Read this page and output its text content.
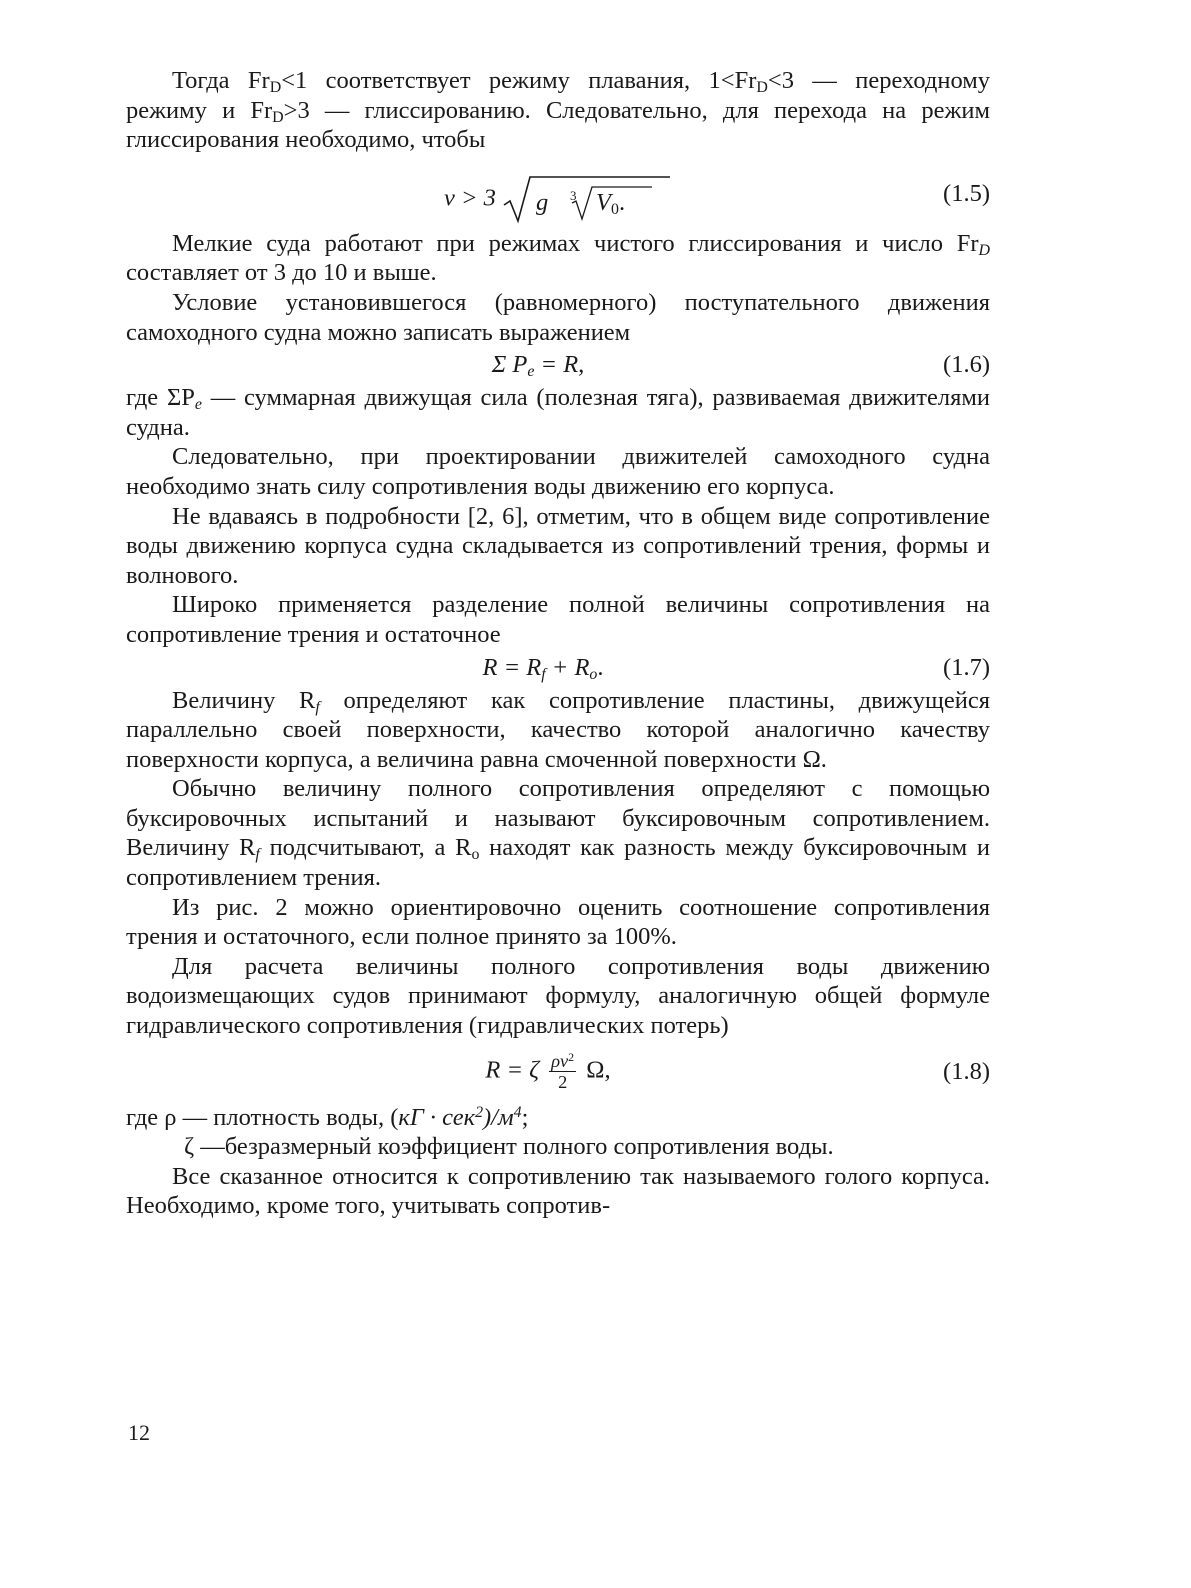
Тогда $Fr_D<1$ соответствует режиму плавания, $1<Fr_D<3$ — переходному режиму и $Fr_D>3$ — глиссированию. Следовательно, для перехода на режим глиссирования необходимо, чтобы

v > 3 g 3 $V_0$.	(1.5)

Мелкие суда работают при режимах чистого глиссирования и число $Fr_D$ составляет от 3 до 10 и выше.

Условие установившегося (равномерного) поступательного движения самоходного судна можно записать выражением

Σ $P_e = R$,	(1.6)

где $\Sigma P_e$ — суммарная движущая сила (полезная тяга), развиваемая движителями судна.

Следовательно, при проектировании движителей самоходного судна необходимо знать силу сопротивления воды движению его корпуса.

Не вдаваясь в подробности [2, 6], отметим, что в общем виде сопротивление воды движению корпуса судна складывается из сопротивлений трения, формы и волнового.

Широко применяется разделение полной величины сопротивления на сопротивление трения и остаточное

$R = R_f + R_о$.	(1.7)

Величину $R_f$ определяют как сопротивление пластины, движущейся параллельно своей поверхности, качество которой аналогично качеству поверхности корпуса, а величина равна смоченной поверхности Ω.

Обычно величину полного сопротивления определяют с помощью буксировочных испытаний и называют буксировочным сопротивлением. Величину $R_f$ подсчитывают, а $R_о$ находят как разность между буксировочным и сопротивлением трения.

Из рис. 2 можно ориентировочно оценить соотношение сопротивления трения и остаточного, если полное принято за 100%.

Для расчета величины полного сопротивления воды движению водоизмещающих судов принимают формулу, аналогичную общей формуле гидравлического сопротивления (гидравлических потерь)

R = ζ $\frac{\rho v^2}{2} \Omega$,	(1.8)

где ρ — плотность воды, $(кГ \cdot сек^2)/м^4$;

ζ — безразмерный коэффициент полного сопротивления воды.

Все сказанное относится к сопротивлению так называемого голого корпуса. Необходимо, кроме того, учитывать сопротив-

12
